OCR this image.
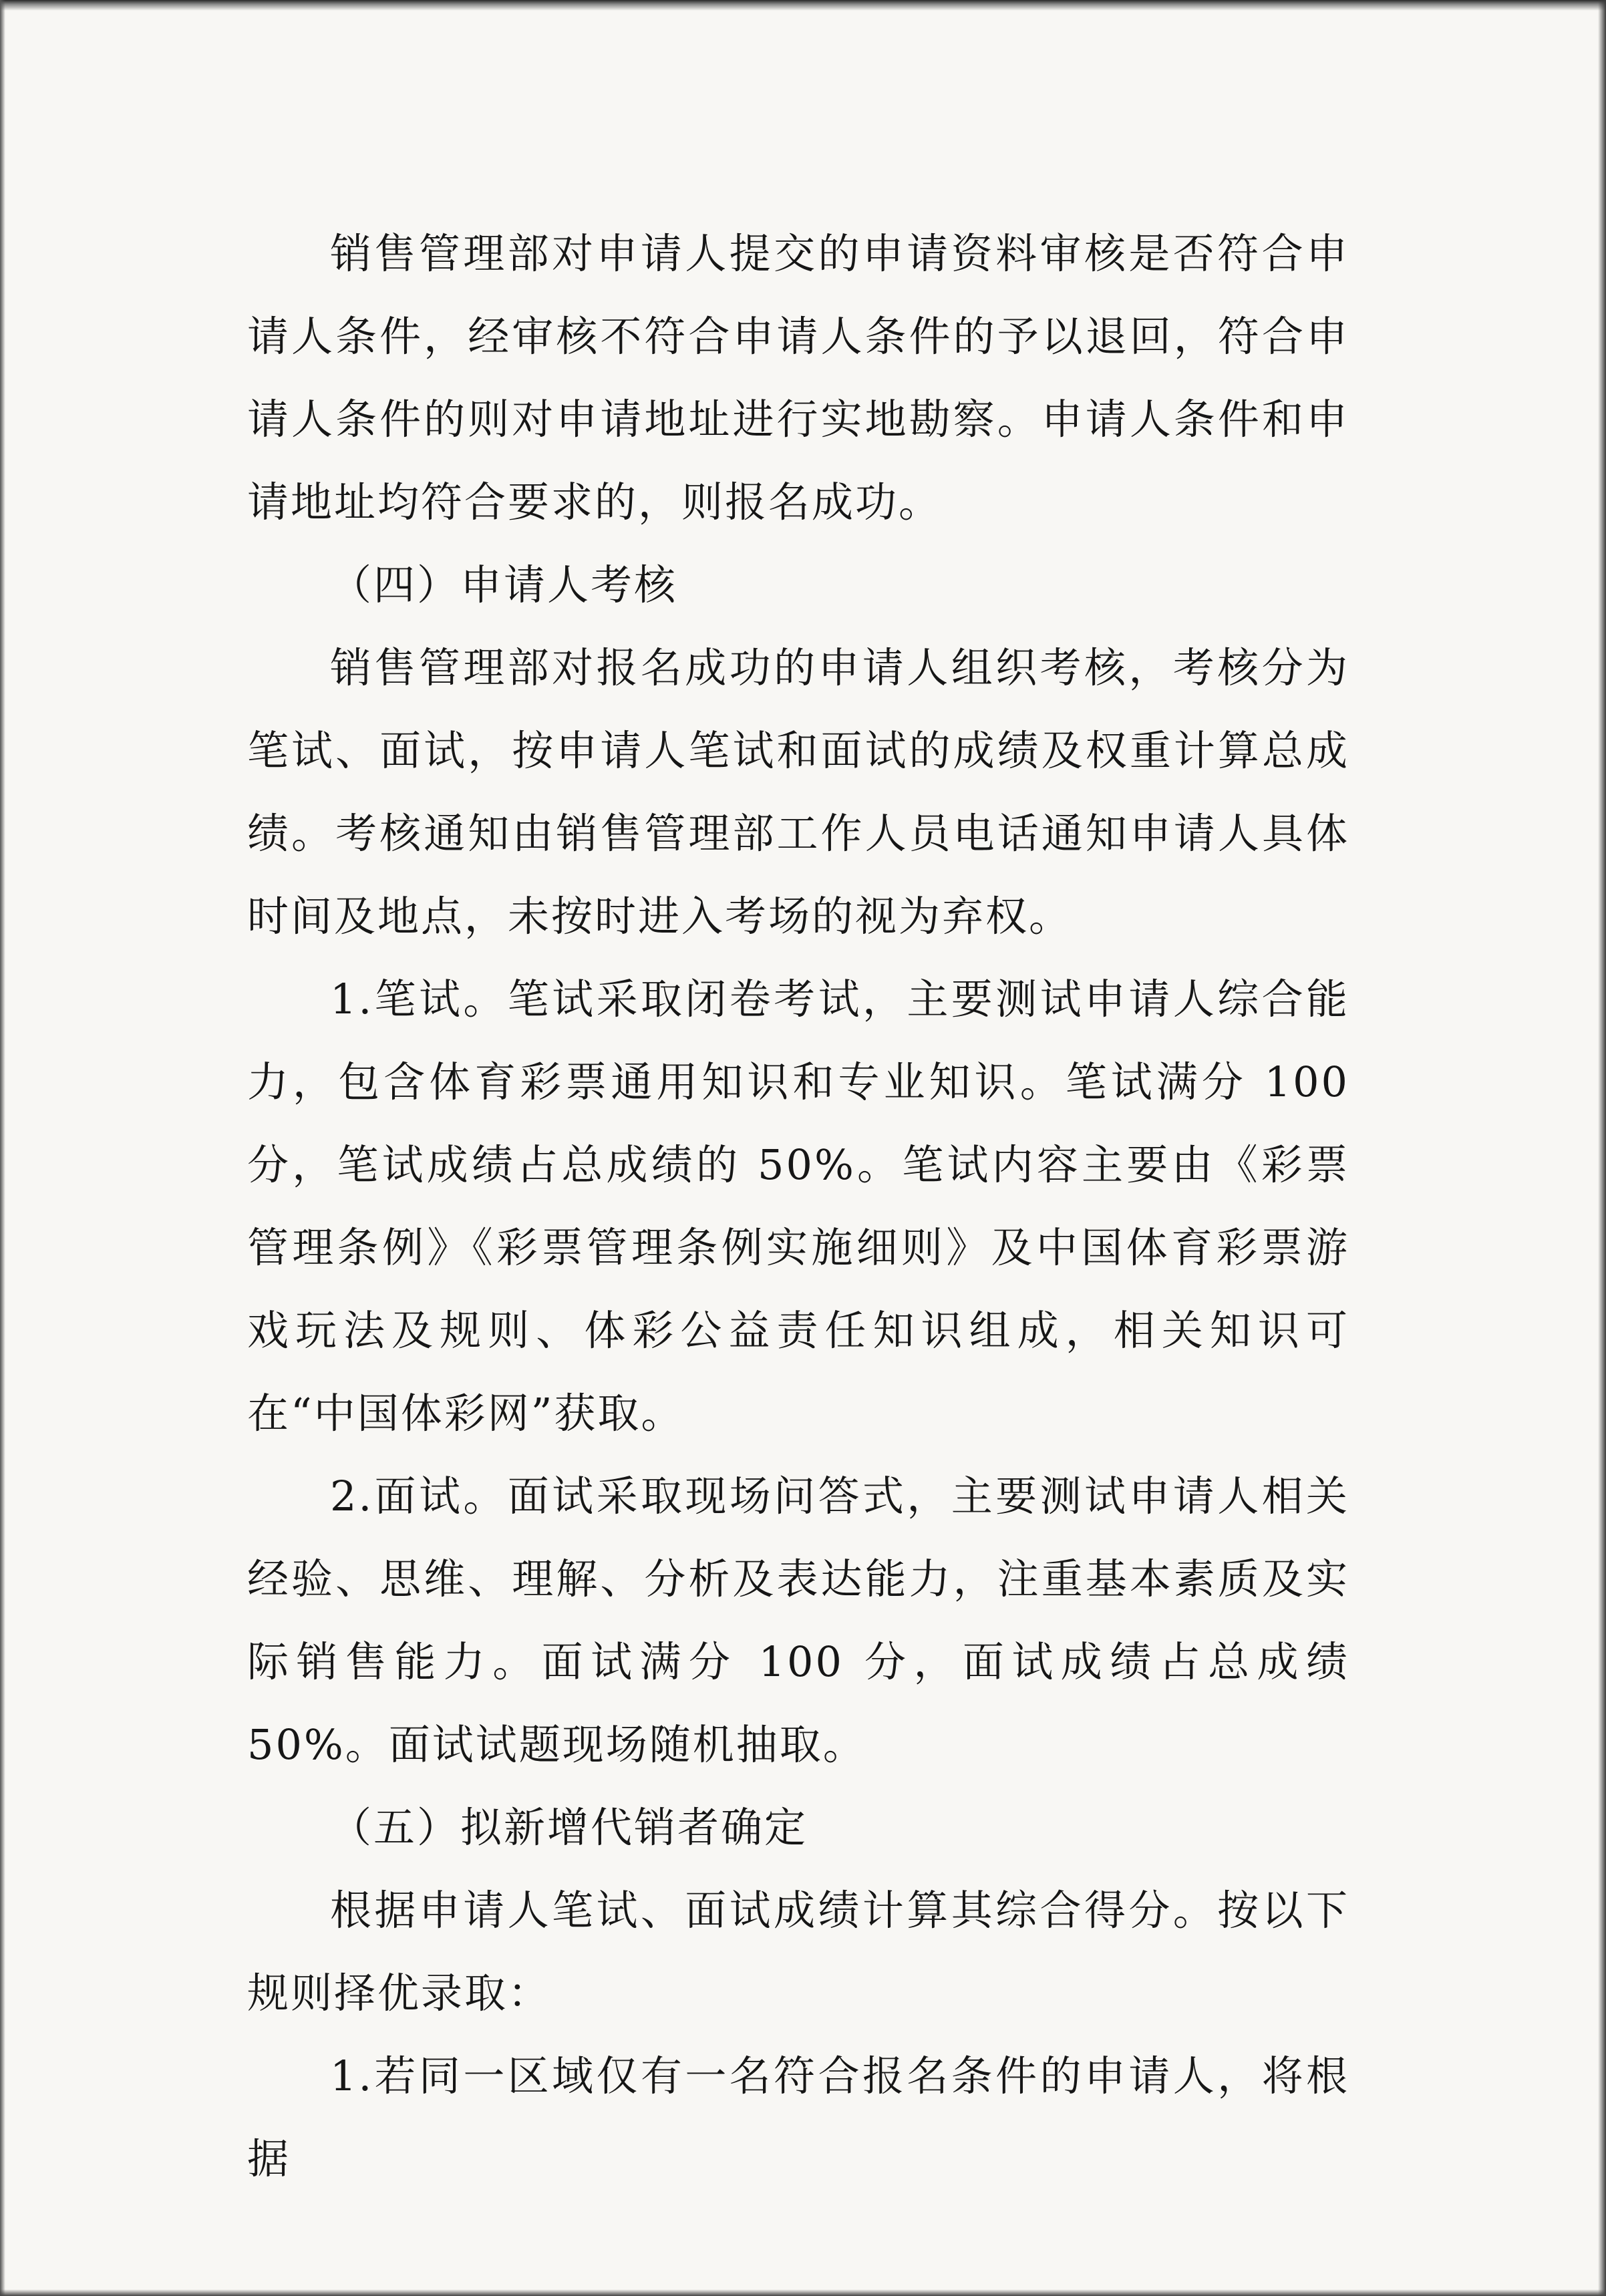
销售管理部对申请人提交的申请资料审核是否符合申请人条件，经审核不符合申请人条件的予以退回，符合申请人条件的则对申请地址进行实地勘察。申请人条件和申请地址均符合要求的，则报名成功。

（四）申请人考核

销售管理部对报名成功的申请人组织考核，考核分为笔试、面试，按申请人笔试和面试的成绩及权重计算总成绩。考核通知由销售管理部工作人员电话通知申请人具体时间及地点，未按时进入考场的视为弃权。

1.笔试。笔试采取闭卷考试，主要测试申请人综合能力，包含体育彩票通用知识和专业知识。笔试满分 100 分，笔试成绩占总成绩的 50%。笔试内容主要由《彩票管理条例》《彩票管理条例实施细则》及中国体育彩票游戏玩法及规则、体彩公益责任知识组成，相关知识可在“中国体彩网”获取。

2.面试。面试采取现场问答式，主要测试申请人相关经验、思维、理解、分析及表达能力，注重基本素质及实际销售能力。面试满分 100 分，面试成绩占总成绩 50%。面试试题现场随机抽取。

（五）拟新增代销者确定

根据申请人笔试、面试成绩计算其综合得分。按以下规则择优录取：

1.若同一区域仅有一名符合报名条件的申请人，将根据
